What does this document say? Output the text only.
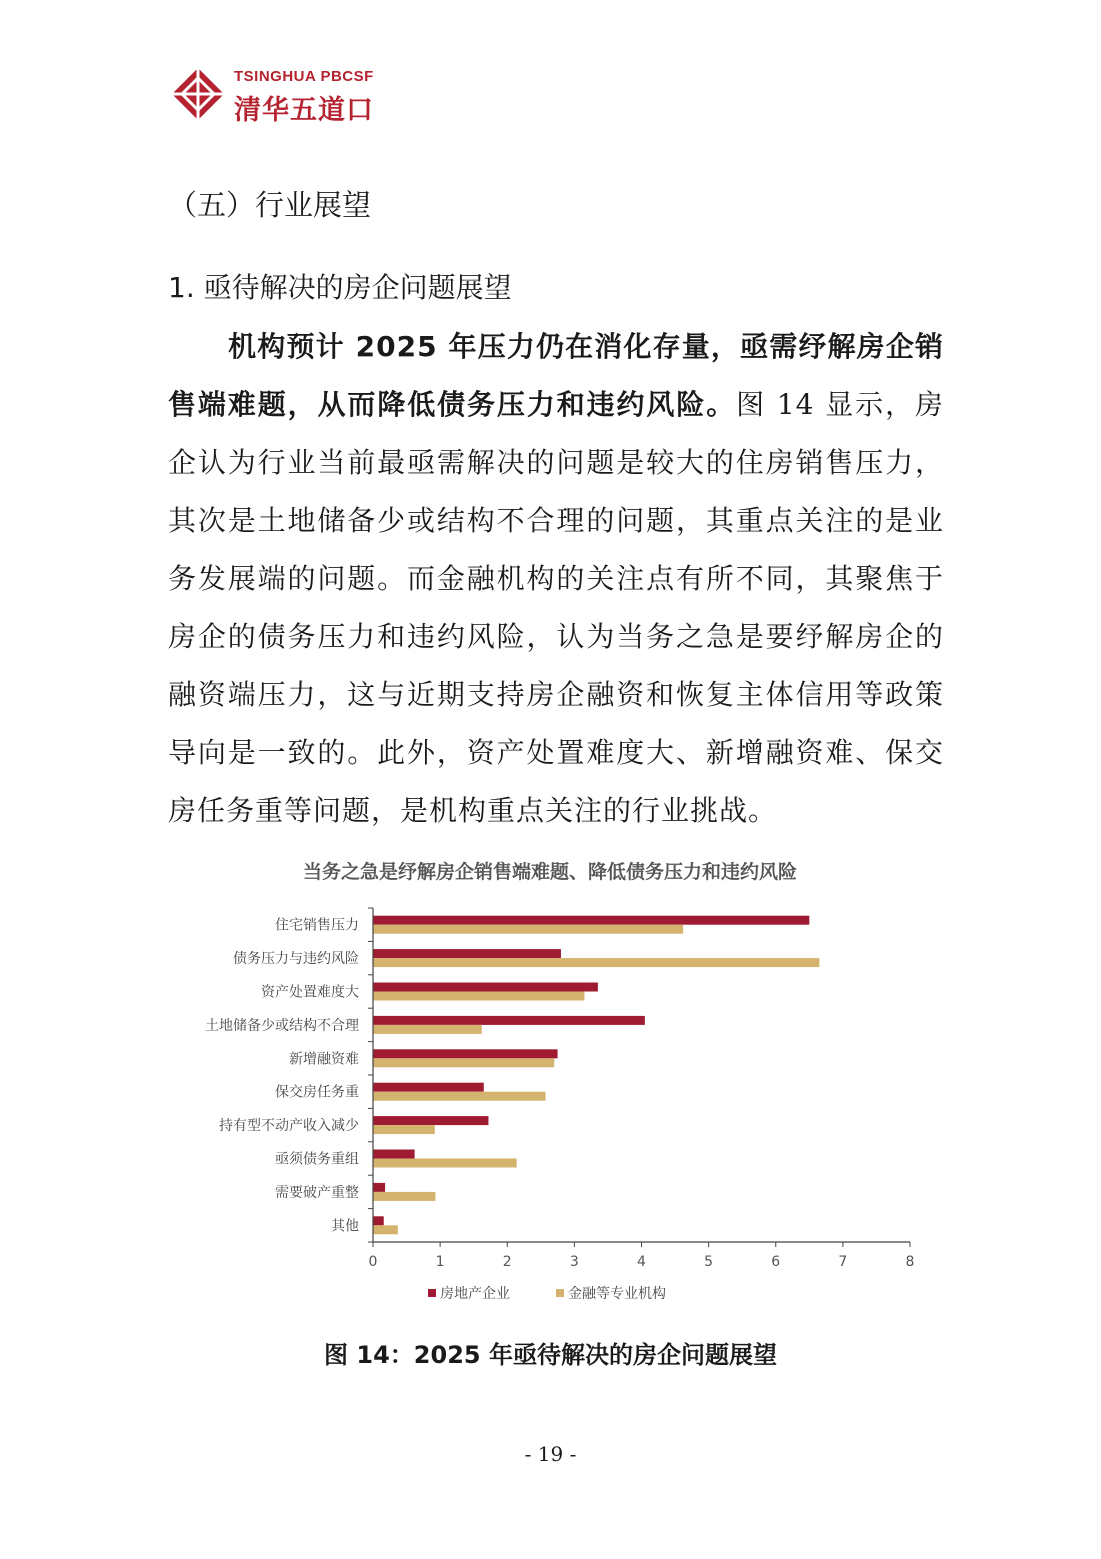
TSINGHUA PBCSF
清华五道口
（五）行业展望
1. 亟待解决的房企问题展望

机构预计 2025 年压力仍在消化存量，亟需纾解房企销售端难题，从而降低债务压力和违约风险。图 14 显示，房企认为行业当前最亟需解决的问题是较大的住房销售压力，其次是土地储备少或结构不合理的问题，其重点关注的是业务发展端的问题。而金融机构的关注点有所不同，其聚焦于房企的债务压力和违约风险，认为当务之急是要纾解房企的融资端压力，这与近期支持房企融资和恢复主体信用等政策导向是一致的。此外，资产处置难度大、新增融资难、保交房任务重等问题，是机构重点关注的行业挑战。

当务之急是纾解房企销售端难题、降低债务压力和违约风险
住宅销售压力
债务压力与违约风险
资产处置难度大
土地储备少或结构不合理
新增融资难
保交房任务重
持有型不动产收入减少
亟须债务重组
需要破产重整
其他
0	1	2	3	4	5	6	7	8
房地产企业	金融等专业机构
图 14：2025 年亟待解决的房企问题展望
- 19 -
